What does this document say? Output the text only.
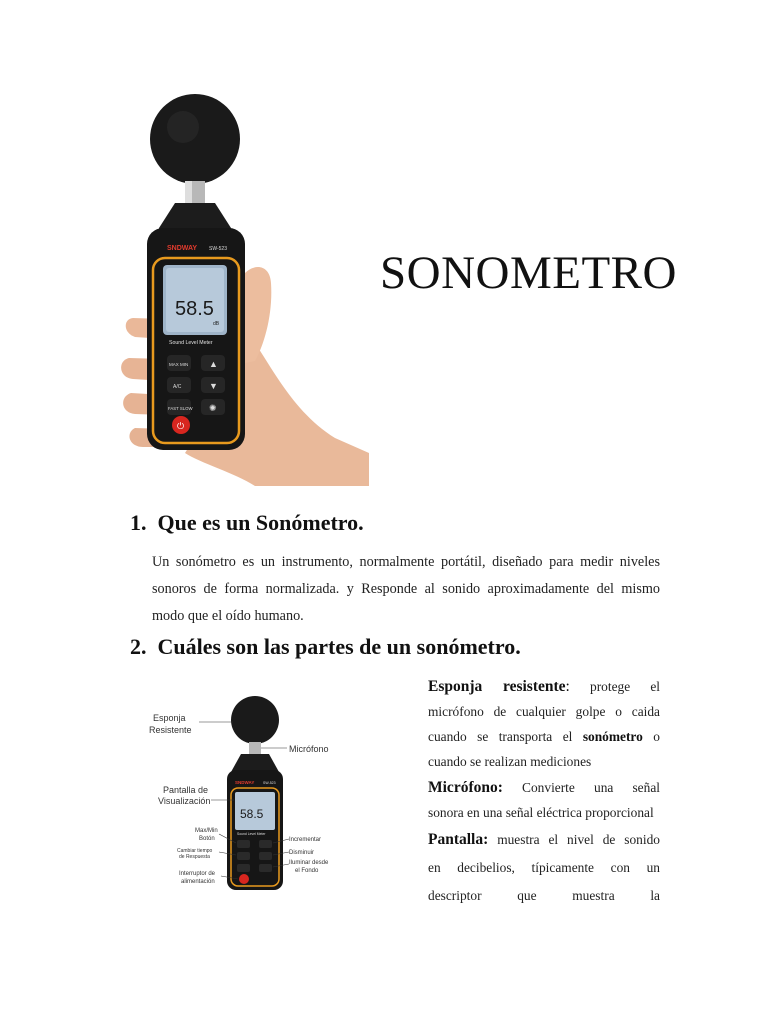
SNDWAY SW-523
58.5
dB
Sound Level Meter
MAX MIN ▲
A/C	▼
FAST SLOW ✺
⏻
SONOMETRO
1. Que es un Sonómetro.
Un sonómetro es un instrumento, normalmente portátil, diseñado para medir niveles
sonoros de forma normalizada. y Responde al sonido aproximadamente del mismo
modo que el oído humano.
2. Cuáles son las partes de un sonómetro.
SNDWAY SW-523
58.5
Sound Level Meter
Esponja
Resistente
Micrófono
Pantalla de
Visualización
Max/Min
Botón
Cambiar tiempo
de Respuesta
Interruptor de
alimentación
Incrementar
Disminuir
Iluminar desde
el Fondo
Esponja resistente: protege el
micrófono de cualquier golpe o caida
cuando se transporta el sonómetro o
cuando se realizan mediciones
Micrófono: Convierte una señal
sonora en una señal eléctrica proporcional
Pantalla: muestra el nivel de sonido
en decibelios, típicamente con un
descriptor que muestra la
